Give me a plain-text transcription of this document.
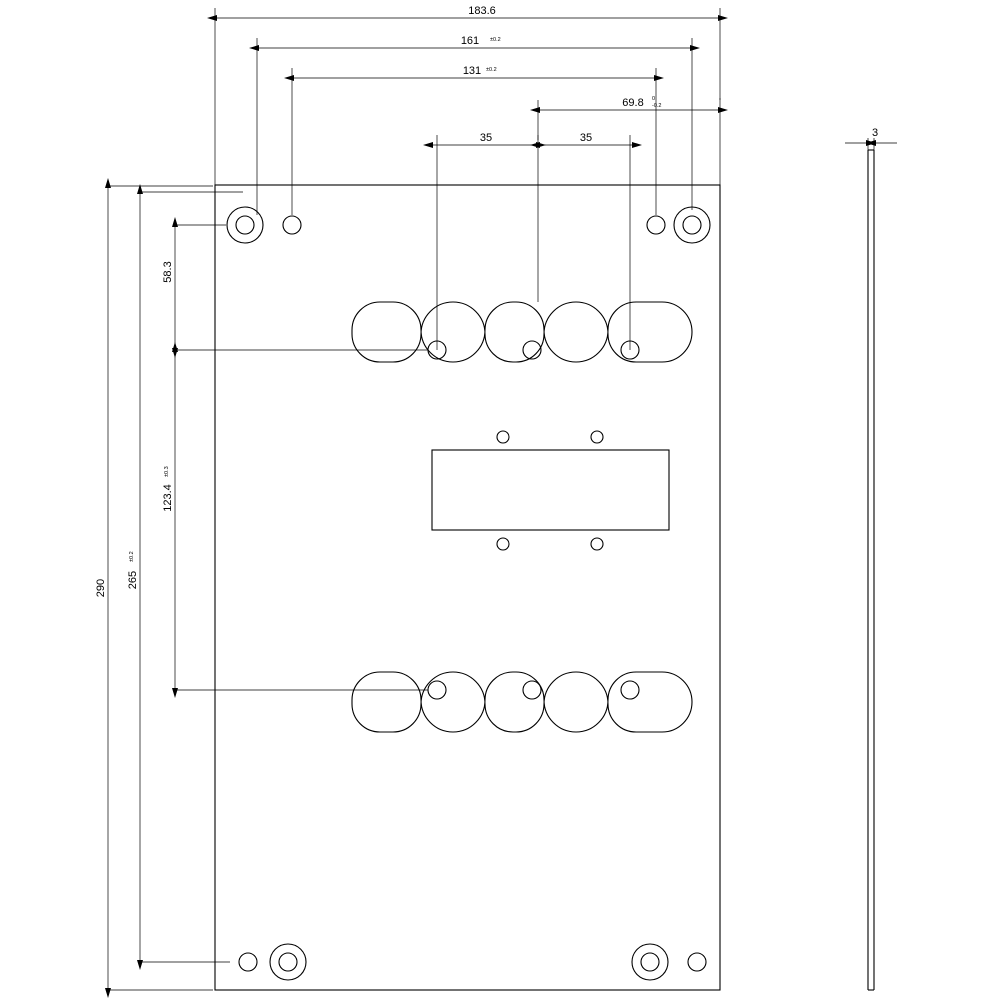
183.6
161 ±0.2
131 ±0.2
69.8 0
-0.2
35	35
290 265
±0.2
123.4
±0.3
58.3
3
